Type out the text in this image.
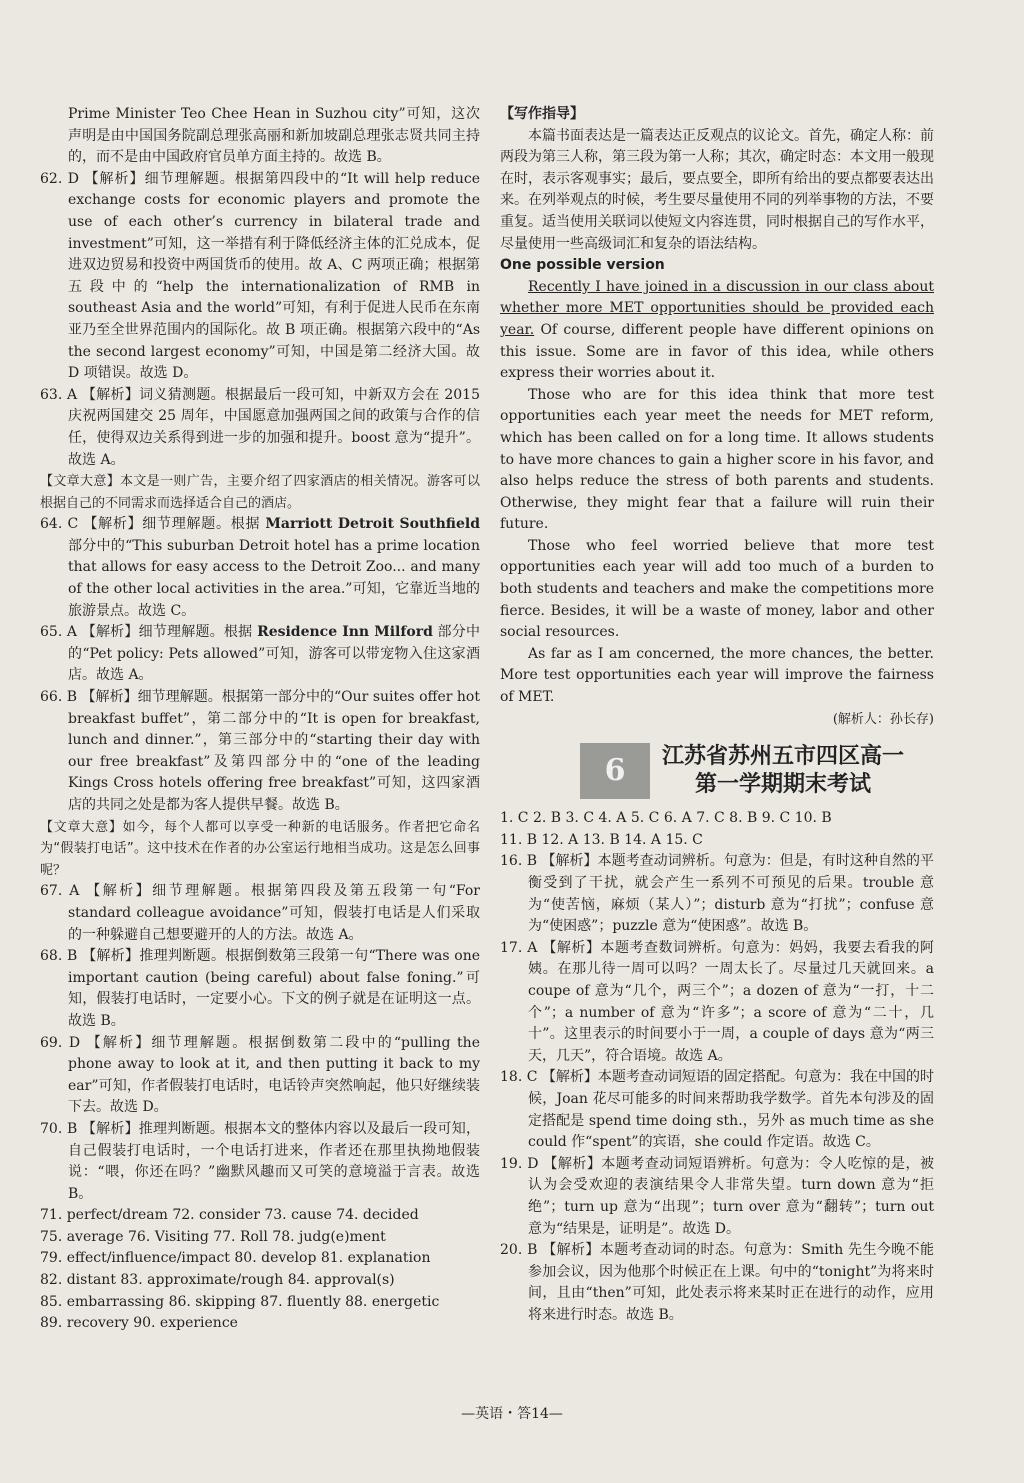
Prime Minister Teo Chee Hean in Suzhou city”可知，这次声明是由中国国务院副总理张高丽和新加坡副总理张志贤共同主持的，而不是由中国政府官员单方面主持的。故选 B。

62. D 【解析】细节理解题。根据第四段中的“It will help reduce exchange costs for economic players and promote the use of each other’s currency in bilateral trade and investment”可知，这一举措有利于降低经济主体的汇兑成本，促进双边贸易和投资中两国货币的使用。故 A、C 两项正确；根据第五段中的“help the internationalization of RMB in southeast Asia and the world”可知，有利于促进人民币在东南亚乃至全世界范围内的国际化。故 B 项正确。根据第六段中的“As the second largest economy”可知，中国是第二经济大国。故 D 项错误。故选 D。

63. A 【解析】词义猜测题。根据最后一段可知，中新双方会在 2015 庆祝两国建交 25 周年，中国愿意加强两国之间的政策与合作的信任，使得双边关系得到进一步的加强和提升。boost 意为“提升”。故选 A。

【文章大意】本文是一则广告，主要介绍了四家酒店的相关情况。游客可以根据自己的不同需求而选择适合自己的酒店。

64. C 【解析】细节理解题。根据 Marriott Detroit Southfield 部分中的“This suburban Detroit hotel has a prime location that allows for easy access to the Detroit Zoo... and many of the other local activities in the area.”可知，它靠近当地的旅游景点。故选 C。

65. A 【解析】细节理解题。根据 Residence Inn Milford 部分中的“Pet policy: Pets allowed”可知，游客可以带宠物入住这家酒店。故选 A。

66. B 【解析】细节理解题。根据第一部分中的“Our suites offer hot breakfast buffet”，第二部分中的“It is open for breakfast, lunch and dinner.”，第三部分中的“starting their day with our free breakfast”及第四部分中的“one of the leading Kings Cross hotels offering free breakfast”可知，这四家酒店的共同之处是都为客人提供早餐。故选 B。

【文章大意】如今，每个人都可以享受一种新的电话服务。作者把它命名为“假装打电话”。这中技术在作者的办公室运行地相当成功。这是怎么回事呢？

67. A 【解析】细节理解题。根据第四段及第五段第一句“For standard colleague avoidance”可知，假装打电话是人们采取的一种躲避自己想要避开的人的方法。故选 A。

68. B 【解析】推理判断题。根据倒数第三段第一句“There was one important caution (being careful) about false foning.”可知，假装打电话时，一定要小心。下文的例子就是在证明这一点。故选 B。

69. D 【解析】细节理解题。根据倒数第二段中的“pulling the phone away to look at it, and then putting it back to my ear”可知，作者假装打电话时，电话铃声突然响起，他只好继续装下去。故选 D。

70. B 【解析】推理判断题。根据本文的整体内容以及最后一段可知，自己假装打电话时，一个电话打进来，作者还在那里执拗地假装说：“喂，你还在吗？”幽默风趣而又可笑的意境溢于言表。故选 B。

71. perfect/dream 72. consider 73. cause 74. decided

75. average 76. Visiting 77. Roll 78. judg(e)ment

79. effect/influence/impact 80. develop 81. explanation

82. distant 83. approximate/rough 84. approval(s)

85. embarrassing 86. skipping 87. fluently 88. energetic

89. recovery 90. experience

【写作指导】

本篇书面表达是一篇表达正反观点的议论文。首先，确定人称：前两段为第三人称，第三段为第一人称；其次，确定时态：本文用一般现在时，表示客观事实；最后，要点要全，即所有给出的要点都要表达出来。在列举观点的时候，考生要尽量使用不同的列举事物的方法，不要重复。适当使用关联词以使短文内容连贯，同时根据自己的写作水平，尽量使用一些高级词汇和复杂的语法结构。

One possible version

Recently I have joined in a discussion in our class about whether more MET opportunities should be provided each year. Of course, different people have different opinions on this issue. Some are in favor of this idea, while others express their worries about it.

Those who are for this idea think that more test opportunities each year meet the needs for MET reform, which has been called on for a long time. It allows students to have more chances to gain a higher score in his favor, and also helps reduce the stress of both parents and students. Otherwise, they might fear that a failure will ruin their future.

Those who feel worried believe that more test opportunities each year will add too much of a burden to both students and teachers and make the competitions more fierce. Besides, it will be a waste of money, labor and other social resources.

As far as I am concerned, the more chances, the better. More test opportunities each year will improve the fairness of MET.

(解析人：孙长存)

6	江苏省苏州五市四区高一
第一学期期末考试

1. C 2. B 3. C 4. A 5. C 6. A 7. C 8. B 9. C 10. B

11. B 12. A 13. B 14. A 15. C

16. B 【解析】本题考查动词辨析。句意为：但是，有时这种自然的平衡受到了干扰，就会产生一系列不可预见的后果。trouble 意为“使苦恼，麻烦（某人）”；disturb 意为“打扰”；confuse 意为“使困惑”；puzzle 意为“使困惑”。故选 B。

17. A 【解析】本题考查数词辨析。句意为：妈妈，我要去看我的阿姨。在那儿待一周可以吗？一周太长了。尽量过几天就回来。a coupe of 意为“几个，两三个”；a dozen of 意为“一打，十二个”；a number of 意为“许多”；a score of 意为“二十，几十”。这里表示的时间要小于一周，a couple of days 意为“两三天，几天”，符合语境。故选 A。

18. C 【解析】本题考查动词短语的固定搭配。句意为：我在中国的时候，Joan 花尽可能多的时间来帮助我学数学。首先本句涉及的固定搭配是 spend time doing sth.，另外 as much time as she could 作“spent”的宾语，she could 作定语。故选 C。

19. D 【解析】本题考查动词短语辨析。句意为：令人吃惊的是，被认为会受欢迎的表演结果令人非常失望。turn down 意为“拒绝”；turn up 意为“出现”；turn over 意为“翻转”；turn out 意为“结果是，证明是”。故选 D。

20. B 【解析】本题考查动词的时态。句意为：Smith 先生今晚不能参加会议，因为他那个时候正在上课。句中的“tonight”为将来时间，且由“then”可知，此处表示将来某时正在进行的动作，应用将来进行时态。故选 B。

—英语・答14—
